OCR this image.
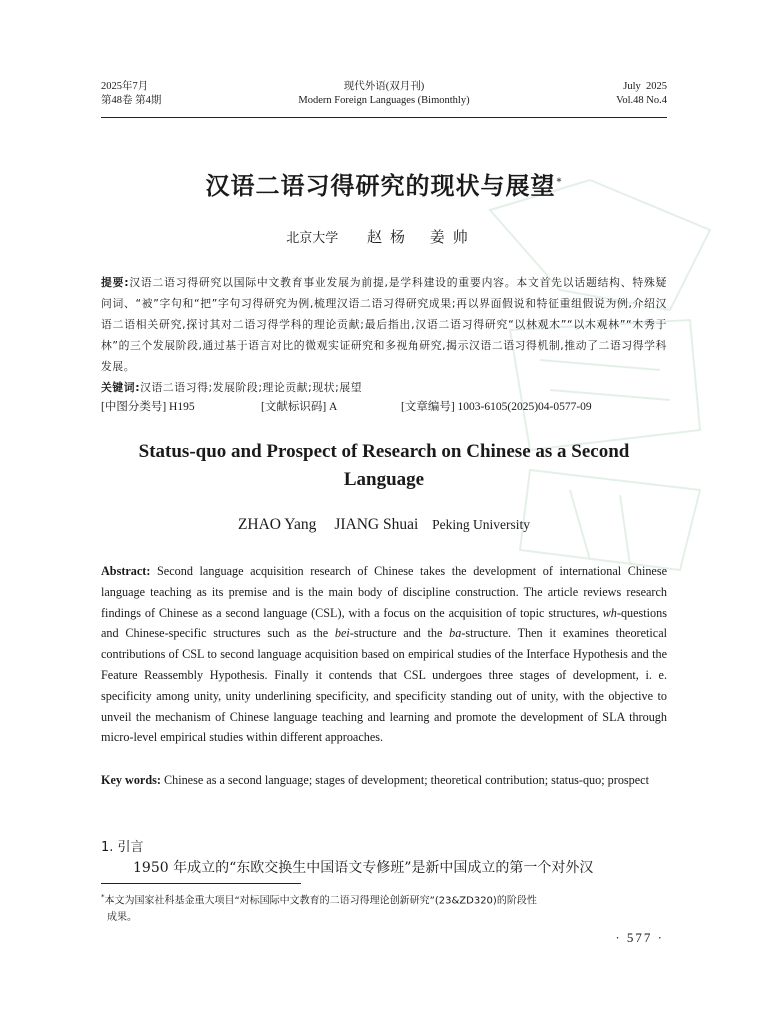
2025年7月
第48卷 第4期
现代外语(双月刊)
Modern Foreign Languages (Bimonthly)
July  2025
Vol.48 No.4
汉语二语习得研究的现状与展望*
北京大学 赵杨 姜帅
提要:汉语二语习得研究以国际中文教育事业发展为前提,是学科建设的重要内容。本文首先以话题结构、特殊疑问词、“被”字句和“把”字句习得研究为例,梳理汉语二语习得研究成果;再以界面假说和特征重组假说为例,介绍汉语二语相关研究,探讨其对二语习得学科的理论贡献;最后指出,汉语二语习得研究“以林观木”“以木观林”“木秀于林”的三个发展阶段,通过基于语言对比的微观实证研究和多视角研究,揭示汉语二语习得机制,推动了二语习得学科发展。
关键词:汉语二语习得;发展阶段;理论贡献;现状;展望
[中图分类号] H195	[文献标识码] A	[文章编号] 1003-6105(2025)04-0577-09
Status-quo and Prospect of Research on Chinese as a Second Language
ZHAO Yang JIANG Shuai Peking University
Abstract: Second language acquisition research of Chinese takes the development of international Chinese language teaching as its premise and is the main body of discipline construction. The article reviews research findings of Chinese as a second language (CSL), with a focus on the acquisition of topic structures, wh-questions and Chinese-specific structures such as the bei-structure and the ba-structure. Then it examines theoretical contributions of CSL to second language acquisition based on empirical studies of the Interface Hypothesis and the Feature Reassembly Hypothesis. Finally it contends that CSL undergoes three stages of development, i. e. specificity among unity, unity underlining specificity, and specificity standing out of unity, with the objective to unveil the mechanism of Chinese language teaching and learning and promote the development of SLA through micro-level empirical studies within different approaches.
Key words: Chinese as a second language; stages of development; theoretical contribution; status-quo; prospect
1. 引言
1950 年成立的“东欧交换生中国语文专修班”是新中国成立的第一个对外汉
*本文为国家社科基金重大项目“对标国际中文教育的二语习得理论创新研究”(23&ZD320)的阶段性
成果。
· 577 ·
